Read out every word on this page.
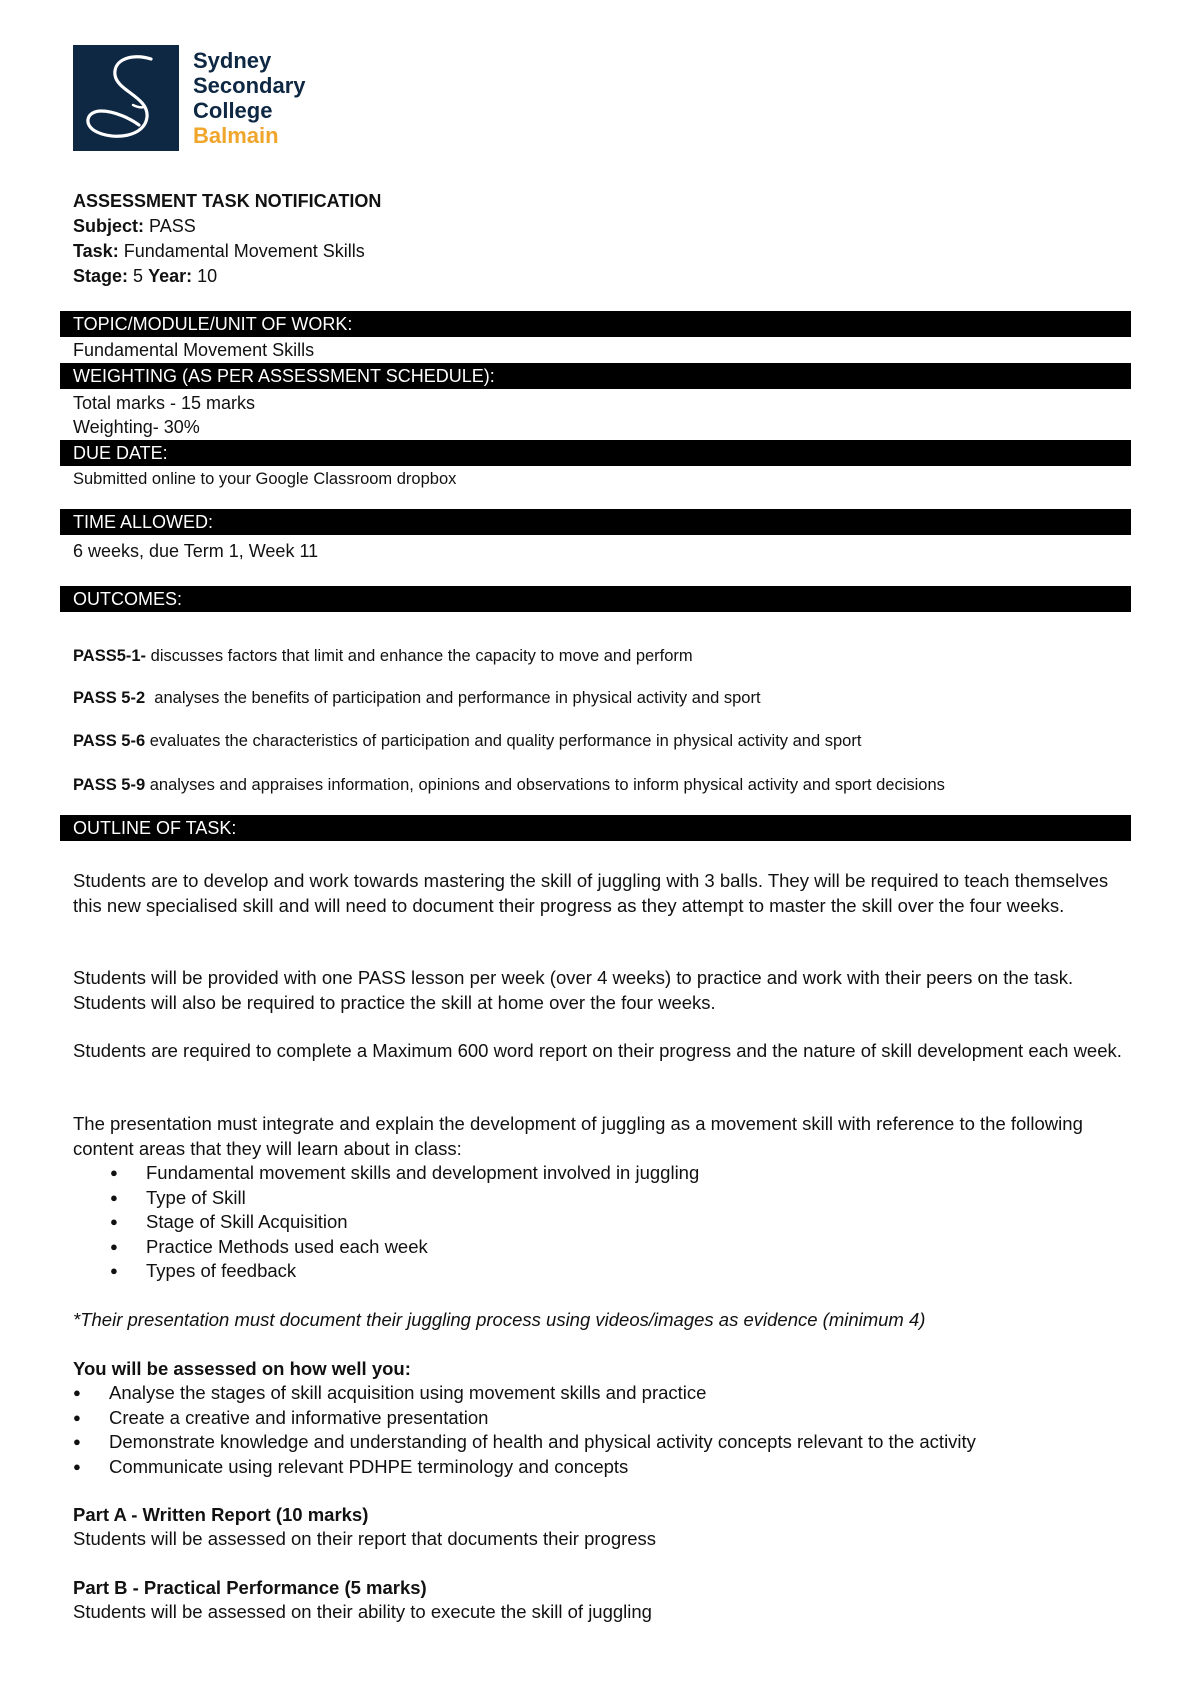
Sydney
Secondary
College
Balmain
ASSESSMENT TASK NOTIFICATION
Subject: PASS
Task: Fundamental Movement Skills
Stage: 5 Year: 10
TOPIC/MODULE/UNIT OF WORK:
Fundamental Movement Skills
WEIGHTING (AS PER ASSESSMENT SCHEDULE):
Total marks - 15 marks
Weighting- 30%
DUE DATE:
Submitted online to your Google Classroom dropbox
TIME ALLOWED:
6 weeks, due Term 1, Week 11
OUTCOMES:
PASS5-1- discusses factors that limit and enhance the capacity to move and perform
PASS 5-2  analyses the benefits of participation and performance in physical activity and sport
PASS 5-6 evaluates the characteristics of participation and quality performance in physical activity and sport
PASS 5-9 analyses and appraises information, opinions and observations to inform physical activity and sport decisions
OUTLINE OF TASK:

Students are to develop and work towards mastering the skill of juggling with 3 balls. They will be required to teach themselves this new specialised skill and will need to document their progress as they attempt to master the skill over the four weeks.

Students will be provided with one PASS lesson per week (over 4 weeks) to practice and work with their peers on the task. Students will also be required to practice the skill at home over the four weeks.

Students are required to complete a Maximum 600 word report on their progress and the nature of skill development each week.

The presentation must integrate and explain the development of juggling as a movement skill with reference to the following content areas that they will learn about in class:

● Fundamental movement skills and development involved in juggling
● Type of Skill
● Stage of Skill Acquisition
● Practice Methods used each week
● Types of feedback

*Their presentation must document their juggling process using videos/images as evidence (minimum 4)

You will be assessed on how well you:

● Analyse the stages of skill acquisition using movement skills and practice
● Create a creative and informative presentation
● Demonstrate knowledge and understanding of health and physical activity concepts relevant to the activity
● Communicate using relevant PDHPE terminology and concepts

Part A - Written Report (10 marks)

Students will be assessed on their report that documents their progress

Part B - Practical Performance (5 marks)

Students will be assessed on their ability to execute the skill of juggling
